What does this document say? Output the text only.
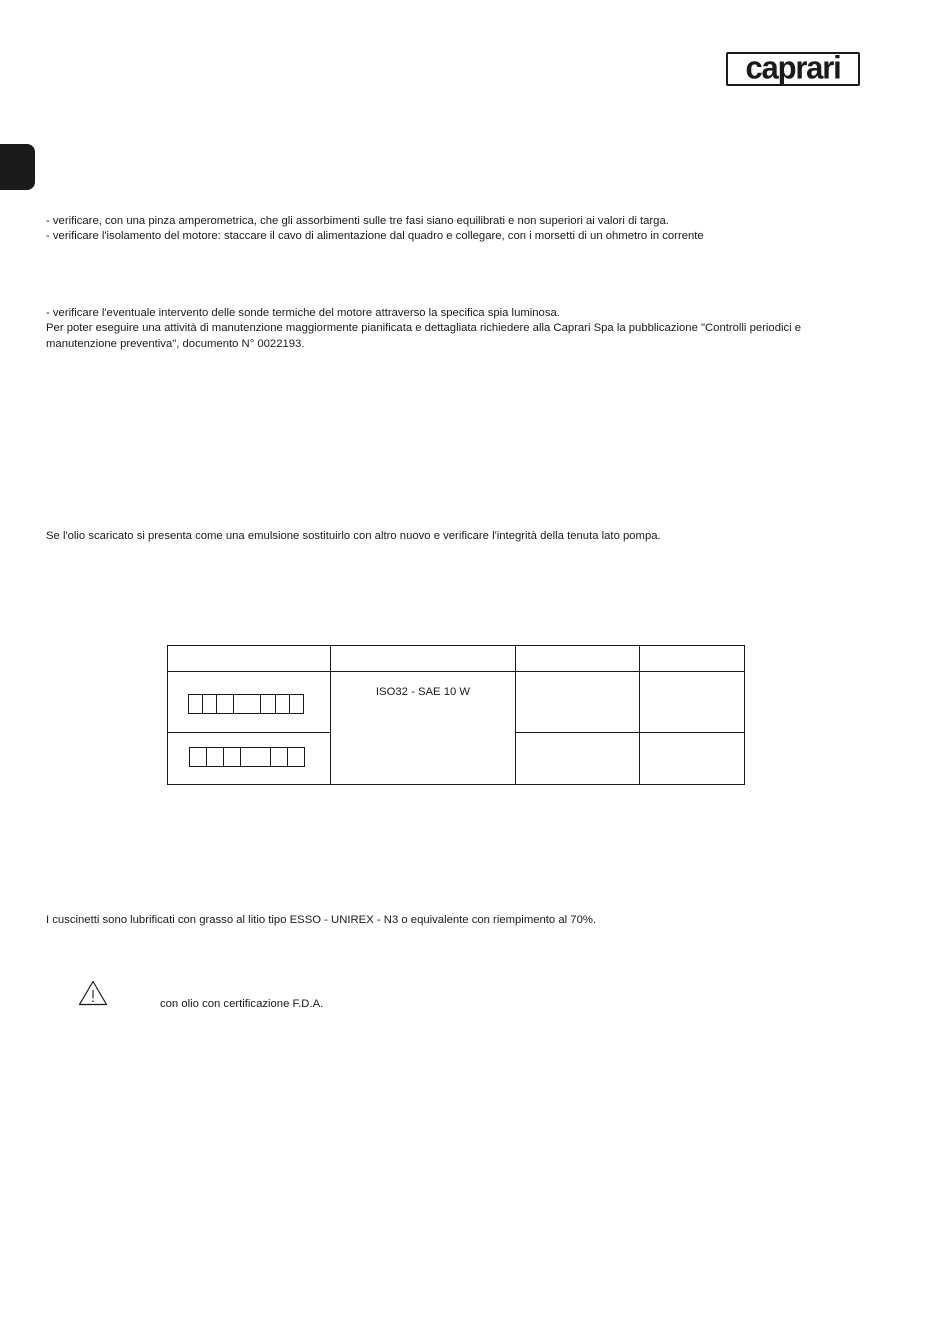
caprari

- verificare, con una pinza amperometrica, che gli assorbimenti sulle tre fasi siano equilibrati e non superiori ai valori di targa.

- verificare l'isolamento del motore: staccare il cavo di alimentazione dal quadro e collegare, con i morsetti di un ohmetro in corrente

- verificare l'eventuale intervento delle sonde termiche del motore attraverso la specifica spia luminosa.

Per poter eseguire una attività di manutenzione maggiormente pianificata e dettagliata richiedere alla Caprari Spa la pubblicazione "Controlli periodici e manutenzione preventiva", documento N° 0022193.

Se l'olio scaricato si presenta come una emulsione sostituirlo con altro nuovo e verificare l'integrità della tenuta lato pompa.

ISO32 - SAE 10 W

I cuscinetti sono lubrificati con grasso al litio tipo ESSO - UNIREX - N3 o equivalente con riempimento al 70%.

con olio con certificazione F.D.A.
